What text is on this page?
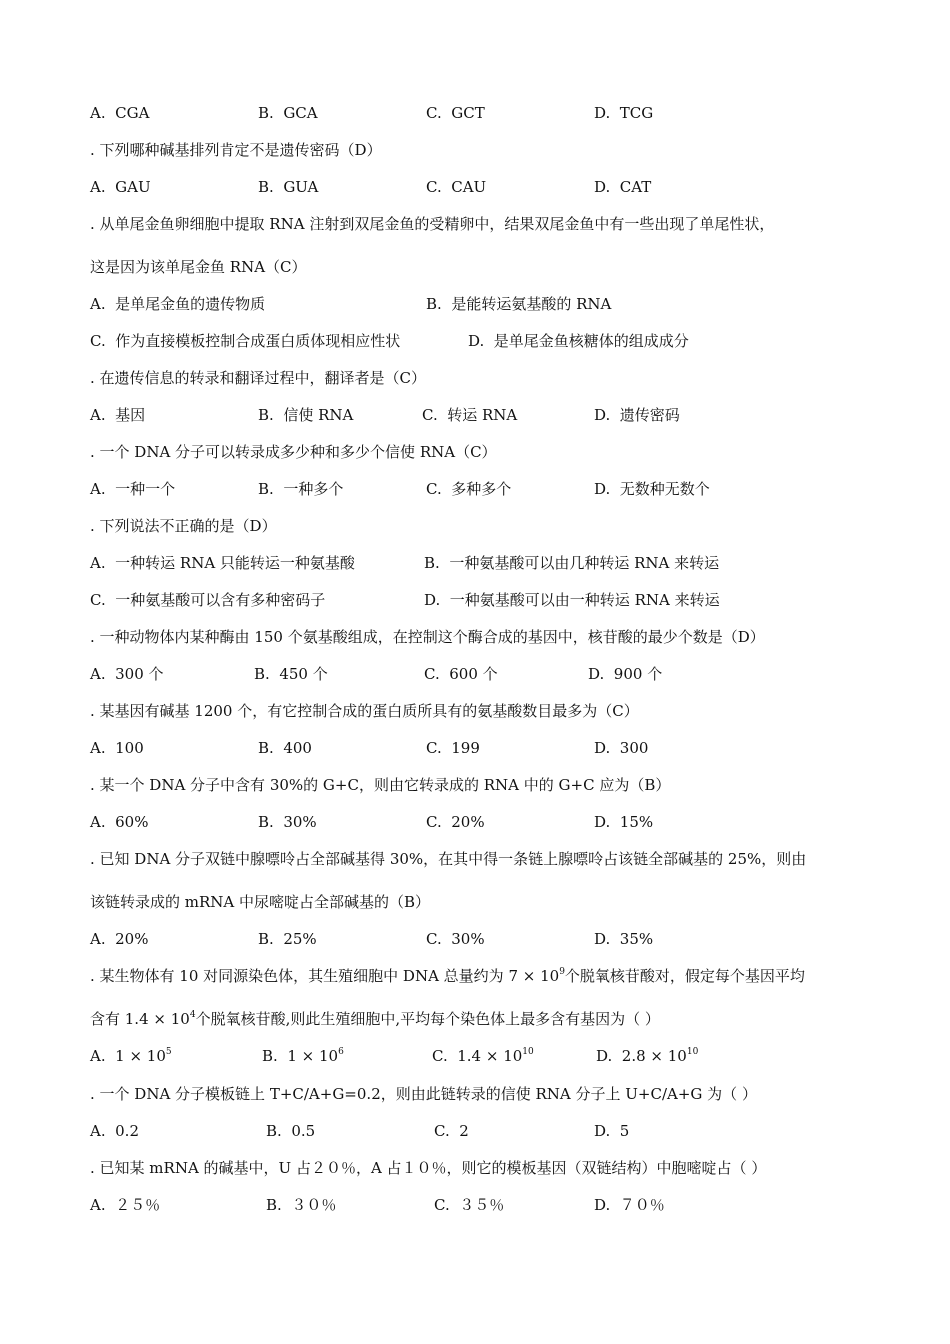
A.  CGA	B.  GCA	C.  GCT	D.  TCG
. 下列哪种碱基排列肯定不是遗传密码（D）
A.  GAU	B.  GUA	C.  CAU	D.  CAT
. 从单尾金鱼卵细胞中提取 RNA 注射到双尾金鱼的受精卵中，结果双尾金鱼中有一些出现了单尾性状，
这是因为该单尾金鱼 RNA（C）
A.  是单尾金鱼的遗传物质	B.  是能转运氨基酸的 RNA
C.  作为直接模板控制合成蛋白质体现相应性状	D.  是单尾金鱼核糖体的组成成分
. 在遗传信息的转录和翻译过程中，翻译者是（C）
A.  基因	B.  信使 RNA	C.  转运 RNA	D.  遗传密码
. 一个 DNA 分子可以转录成多少种和多少个信使 RNA（C）
A.  一种一个	B.  一种多个	C.  多种多个	D.  无数种无数个
. 下列说法不正确的是（D）
A.  一种转运 RNA 只能转运一种氨基酸	B.  一种氨基酸可以由几种转运 RNA 来转运
C.  一种氨基酸可以含有多种密码子	D.  一种氨基酸可以由一种转运 RNA 来转运
. 一种动物体内某种酶由 150 个氨基酸组成，在控制这个酶合成的基因中，核苷酸的最少个数是（D）
A.  300 个	B.  450 个	C.  600 个	D.  900 个
. 某基因有碱基 1200 个，有它控制合成的蛋白质所具有的氨基酸数目最多为（C）
A.  100	B.  400	C.  199	D.  300
. 某一个 DNA 分子中含有 30%的 G+C，则由它转录成的 RNA 中的 G+C 应为（B）
A.  60%	B.  30%	C.  20%	D.  15%
. 已知 DNA 分子双链中腺嘌呤占全部碱基得 30%，在其中得一条链上腺嘌呤占该链全部碱基的 25%，则由
该链转录成的 mRNA 中尿嘧啶占全部碱基的（B）
A.  20%	B.  25%	C.  30%	D.  35%
. 某生物体有 10 对同源染色体，其生殖细胞中 DNA 总量约为 $7 \times 10^9$个脱氧核苷酸对，假定每个基因平均
含有 $1.4 \times 10^4$个脱氧核苷酸,则此生殖细胞中,平均每个染色体上最多含有基因为（ ）
A.  $1 \times 10^5$	B.  $1 \times 10^6$	C.  $1.4 \times 10^{10}$	D.  $2.8 \times 10^{10}$
. 一个 DNA 分子模板链上 T+C/A+G=0.2，则由此链转录的信使 RNA 分子上 U+C/A+G 为（ ）
A.  0.2	B.  0.5	C.  2	D.  5
. 已知某 mRNA 的碱基中，U 占２０％，A 占１０％，则它的模板基因（双链结构）中胞嘧啶占（ ）
A.  ２５％	B.  ３０％	C.  ３５％	D.  ７０％
